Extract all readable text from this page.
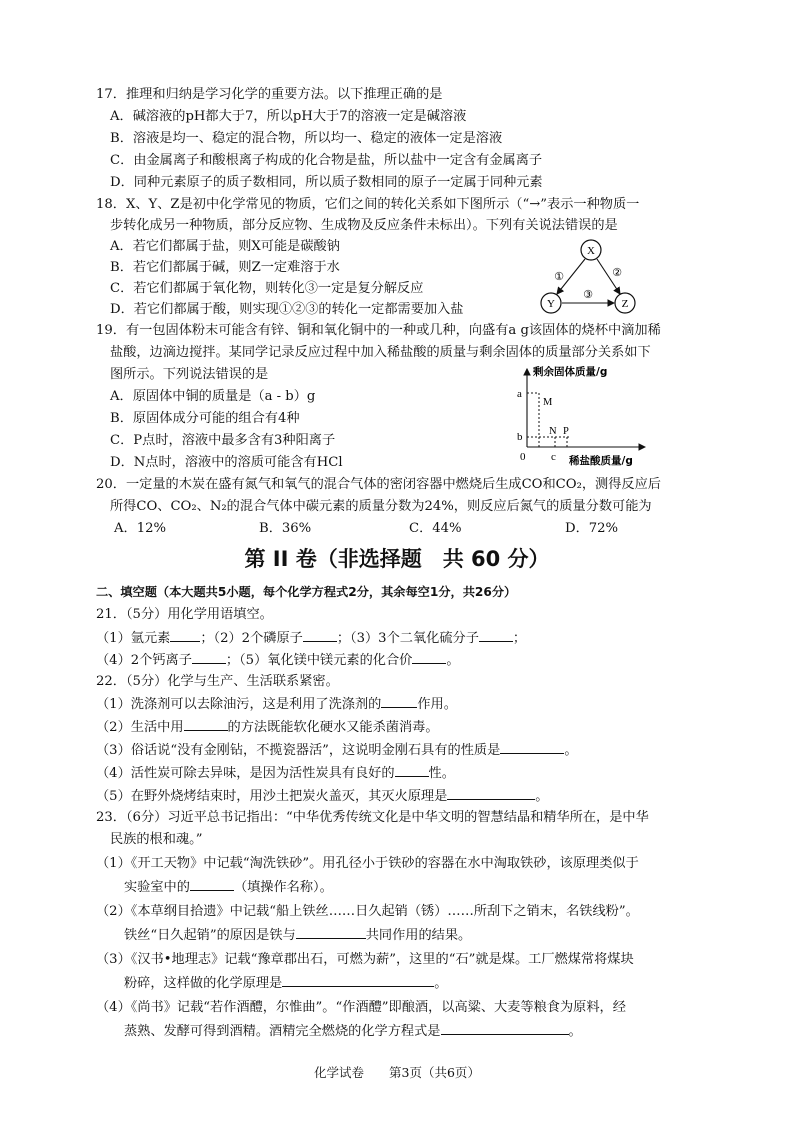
17．推理和归纳是学习化学的重要方法。以下推理正确的是
A．碱溶液的pH都大于7，所以pH大于7的溶液一定是碱溶液
B．溶液是均一、稳定的混合物，所以均一、稳定的液体一定是溶液
C．由金属离子和酸根离子构成的化合物是盐，所以盐中一定含有金属离子
D．同种元素原子的质子数相同，所以质子数相同的原子一定属于同种元素
18．X、Y、Z是初中化学常见的物质，它们之间的转化关系如下图所示（“→”表示一种物质一
步转化成另一种物质，部分反应物、生成物及反应条件未标出）。下列有关说法错误的是
A．若它们都属于盐，则X可能是碳酸钠
B．若它们都属于碱，则Z一定难溶于水
C．若它们都属于氧化物，则转化③一定是复分解反应
D．若它们都属于酸，则实现①②③的转化一定都需要加入盐
X
Y	Z
①	②
③
19．有一包固体粉末可能含有锌、铜和氧化铜中的一种或几种，向盛有a g该固体的烧杯中滴加稀
盐酸，边滴边搅拌。某同学记录反应过程中加入稀盐酸的质量与剩余固体的质量部分关系如下
图所示。下列说法错误的是
A．原固体中铜的质量是（a - b）g
B．原固体成分可能的组合有4种
C．P点时，溶液中最多含有3种阳离子
D．N点时，溶液中的溶质可能含有HCl
剩余固体质量/g
稀盐酸质量/g
a
b
0 c
M
N P
20．一定量的木炭在盛有氮气和氧气的混合气体的密闭容器中燃烧后生成CO和CO₂，测得反应后
所得CO、CO₂、N₂的混合气体中碳元素的质量分数为24%，则反应后氮气的质量分数可能为
A．12%	B．36%	C．44%	D．72%
第 II 卷（非选择题　共 60 分）
二、填空题（本大题共5小题，每个化学方程式2分，其余每空1分，共26分）
21．（5分）用化学用语填空。
（1）氩元素 ；（2）2个磷原子	；（3）3个二氧化硫分子	；
（4）2个钙离子	；（5）氧化镁中镁元素的化合价	。
22．（5分）化学与生产、生活联系紧密。
（1）洗涤剂可以去除油污，这是利用了洗涤剂的	作用。
（2）生活中用	的方法既能软化硬水又能杀菌消毒。
（3）俗话说“没有金刚钻，不揽瓷器活”，这说明金刚石具有的性质是	。
（4）活性炭可除去异味，是因为活性炭具有良好的	性。
（5）在野外烧烤结束时，用沙土把炭火盖灭，其灭火原理是	。
23．（6分）习近平总书记指出：“中华优秀传统文化是中华文明的智慧结晶和精华所在，是中华
民族的根和魂。”
（1）《开工天物》中记载“淘洗铁砂”。用孔径小于铁砂的容器在水中淘取铁砂，该原理类似于
实验室中的	（填操作名称）。
（2）《本草纲目拾遗》中记载“船上铁丝……日久起销（锈）……所刮下之销末，名铁线粉”。
铁丝“日久起销”的原因是铁与	共同作用的结果。
（3）《汉书•地理志》记载“豫章郡出石，可燃为薪”，这里的“石”就是煤。工厂燃煤常将煤块
粉碎，这样做的化学原理是	。
（4）《尚书》记载“若作酒醴，尔惟曲”。“作酒醴”即酿酒，以高粱、大麦等粮食为原料，经
蒸熟、发酵可得到酒精。酒精完全燃烧的化学方程式是	。
化学试卷　　第3页（共6页）
